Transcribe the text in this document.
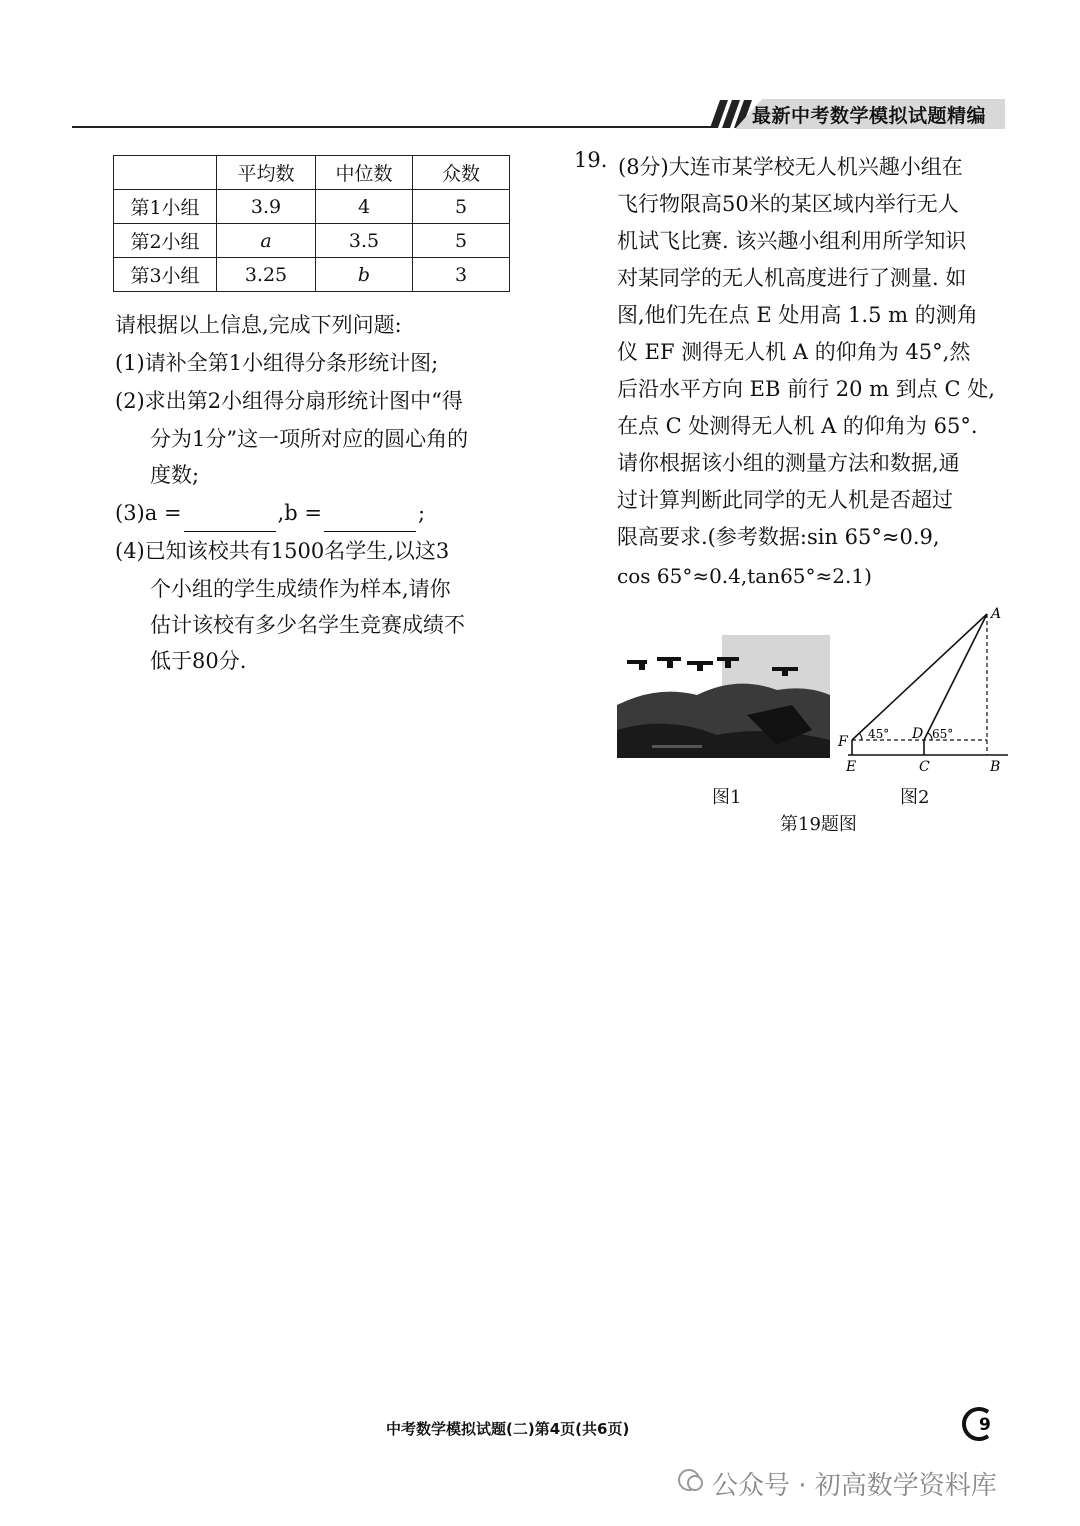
最新中考数学模拟试题精编
	平均数	中位数	众数
第1小组	3.9	4	5
第2小组	a	3.5	5
第3小组	3.25	b	3
请根据以上信息,完成下列问题:
(1)请补全第1小组得分条形统计图;
(2)求出第2小组得分扇形统计图中“得
分为1分”这一项所对应的圆心角的
度数;
(3)a =	,b =	;
(4)已知该校共有1500名学生,以这3
个小组的学生成绩作为样本,请你
估计该校有多少名学生竞赛成绩不
低于80分.
19. (8分)大连市某学校无人机兴趣小组在
飞行物限高50米的某区域内举行无人
机试飞比赛. 该兴趣小组利用所学知识
对某同学的无人机高度进行了测量. 如
图,他们先在点 E 处用高 1.5 m 的测角
仪 EF 测得无人机 A 的仰角为 45°,然
后沿水平方向 EB 前行 20 m 到点 C 处,
在点 C 处测得无人机 A 的仰角为 65°.
请你根据该小组的测量方法和数据,通
过计算判断此同学的无人机是否超过
限高要求.(参考数据:sin 65°≈0.9,
cos 65°≈0.4,tan65°≈2.1)
A
B
C
D
E
F 45°	65°
图1	图2
第19题图
中考数学模拟试题(二)第4页(共6页)	9
公众号 · 初高数学资料库
